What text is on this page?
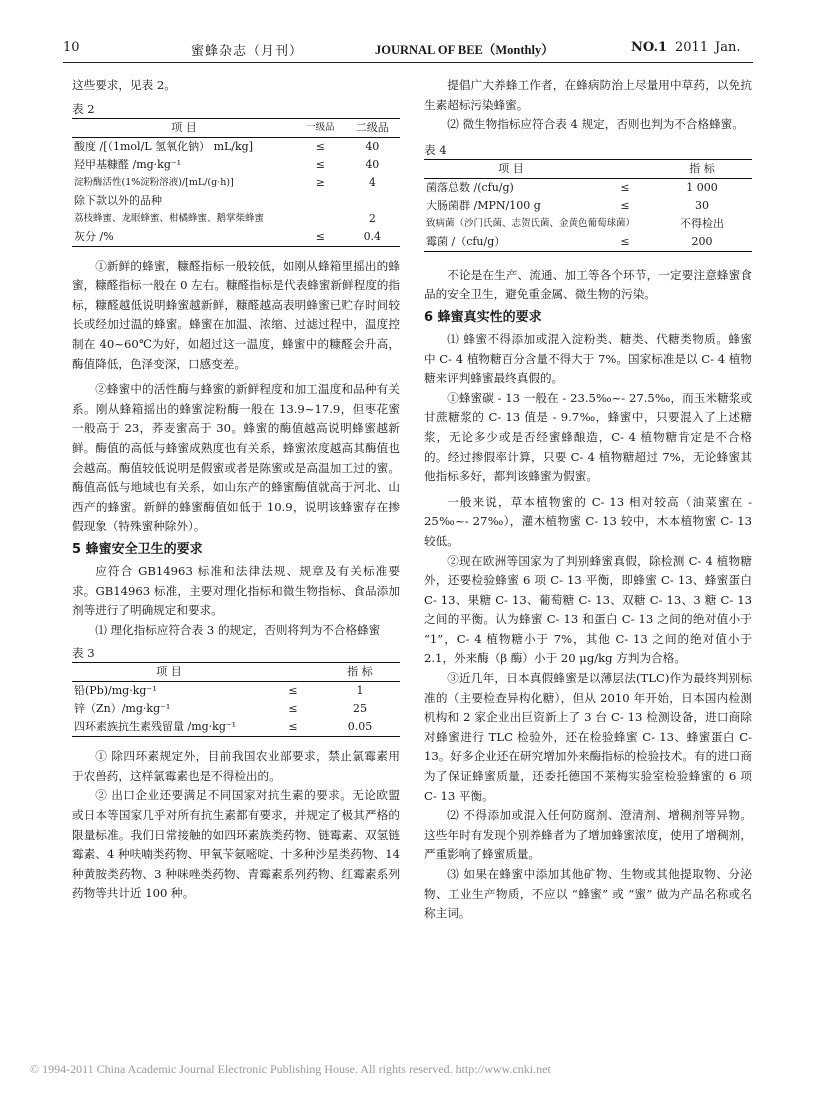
10	蜜蜂杂志（月刊）	JOURNAL OF BEE（Monthly）	NO.1 2011 Jan.

这些要求，见表 2。

表 2
项 目	一级品	二级品
酸度 /[（1mol/L 氢氧化钠） mL/kg]	≤	40
羟甲基糠醛 /mg·kg⁻¹	≤	40
淀粉酶活性(1%淀粉溶液)/[mL/(g·h)]	≥	4
除下款以外的品种		
荔枝蜂蜜、龙眼蜂蜜、柑橘蜂蜜、鹅掌柴蜂蜜		2
灰分 /%	≤	0.4

①新鲜的蜂蜜，糠醛指标一般较低，如刚从蜂箱里摇出的蜂蜜，糠醛指标一般在 0 左右。糠醛指标是代表蜂蜜新鲜程度的指标，糠醛越低说明蜂蜜越新鲜，糠醛越高表明蜂蜜已贮存时间较长或经加过温的蜂蜜。蜂蜜在加温、浓缩、过滤过程中，温度控制在 40~60℃为好，如超过这一温度，蜂蜜中的糠醛会升高，酶值降低，色泽变深，口感变差。

②蜂蜜中的活性酶与蜂蜜的新鲜程度和加工温度和品种有关系。刚从蜂箱摇出的蜂蜜淀粉酶一般在 13.9~17.9，但枣花蜜一般高于 23，荞麦蜜高于 30。蜂蜜的酶值越高说明蜂蜜越新鲜。酶值的高低与蜂蜜成熟度也有关系，蜂蜜浓度越高其酶值也会越高。酶值较低说明是假蜜或者是陈蜜或是高温加工过的蜜。酶值高低与地域也有关系，如山东产的蜂蜜酶值就高于河北、山西产的蜂蜜。新鲜的蜂蜜酶值如低于 10.9，说明该蜂蜜存在掺假现象（特殊蜜种除外）。

5 蜂蜜安全卫生的要求

应符合 GB14963 标准和法律法规、规章及有关标准要求。GB14963 标准，主要对理化指标和微生物指标、食品添加剂等进行了明确规定和要求。

⑴ 理化指标应符合表 3 的规定，否则将判为不合格蜂蜜

表 3
项 目		指 标
铅(Pb)/mg·kg⁻¹	≤	1
锌（Zn）/mg·kg⁻¹	≤	25
四环素族抗生素残留量 /mg·kg⁻¹	≤	0.05

① 除四环素规定外，目前我国农业部要求，禁止氯霉素用于农兽药，这样氯霉素也是不得检出的。

② 出口企业还要满足不同国家对抗生素的要求。无论欧盟或日本等国家几乎对所有抗生素都有要求，并规定了极其严格的限量标准。我们日常接触的如四环素族类药物、链霉素、双氢链霉素、4 种呋喃类药物、甲氧苄氨嘧啶、十多种沙星类药物、14 种黄胺类药物、3 种咪唑类药物、青霉素系列药物、红霉素系列药物等共计近 100 种。

提倡广大养蜂工作者，在蜂病防治上尽量用中草药，以免抗生素超标污染蜂蜜。

⑵ 微生物指标应符合表 4 规定，否则也判为不合格蜂蜜。

表 4
项 目		指 标
菌落总数 /(cfu/g)	≤	1 000
大肠菌群 /MPN/100 g	≤	30
致病菌（沙门氏菌、志贺氏菌、金黄色葡萄球菌）		不得检出
霉菌 /（cfu/g）	≤	200

不论是在生产、流通、加工等各个环节，一定要注意蜂蜜食品的安全卫生，避免重金属、微生物的污染。

6 蜂蜜真实性的要求

⑴ 蜂蜜不得添加或混入淀粉类、糖类、代糖类物质。蜂蜜中 C- 4 植物糖百分含量不得大于 7%。国家标准是以 C- 4 植物糖来评判蜂蜜最终真假的。

①蜂蜜碳 - 13 一般在 - 23.5‰~- 27.5‰，而玉米糖浆或甘蔗糖浆的 C- 13 值是 - 9.7‰，蜂蜜中，只要混入了上述糖浆，无论多少或是否经蜜蜂酿造，C- 4 植物糖肯定是不合格的。经过掺假率计算，只要 C- 4 植物糖超过 7%，无论蜂蜜其他指标多好，都判该蜂蜜为假蜜。

一般来说，草本植物蜜的 C- 13 相对较高（油菜蜜在 - 25‰~- 27‰），灌木植物蜜 C- 13 较中，木本植物蜜 C- 13 较低。

②现在欧洲等国家为了判别蜂蜜真假，除检测 C- 4 植物糖外，还要检验蜂蜜 6 项 C- 13 平衡，即蜂蜜 C- 13、蜂蜜蛋白 C- 13、果糖 C- 13、葡萄糖 C- 13、双糖 C- 13、3 糖 C- 13 之间的平衡。认为蜂蜜 C- 13 和蛋白 C- 13 之间的绝对值小于 “1”，C- 4 植物糖小于 7%，其他 C- 13 之间的绝对值小于 2.1，外来酶（β 酶）小于 20 μg/kg 方判为合格。

③近几年，日本真假蜂蜜是以薄层法(TLC)作为最终判别标准的（主要检查异构化糖），但从 2010 年开始，日本国内检测机构和 2 家企业出巨资新上了 3 台 C- 13 检测设备，进口商除对蜂蜜进行 TLC 检验外，还在检验蜂蜜 C- 13、蜂蜜蛋白 C- 13。好多企业还在研究增加外来酶指标的检验技术。有的进口商为了保证蜂蜜质量，还委托德国不莱梅实验室检验蜂蜜的 6 项 C- 13 平衡。

⑵ 不得添加或混入任何防腐剂、澄清剂、增稠剂等异物。这些年时有发现个别养蜂者为了增加蜂蜜浓度，使用了增稠剂，严重影响了蜂蜜质量。

⑶ 如果在蜂蜜中添加其他矿物、生物或其他提取物、分泌物、工业生产物质，不应以 “蜂蜜” 或 “蜜” 做为产品名称或名称主词。

© 1994-2011 China Academic Journal Electronic Publishing House. All rights reserved. http://www.cnki.net
